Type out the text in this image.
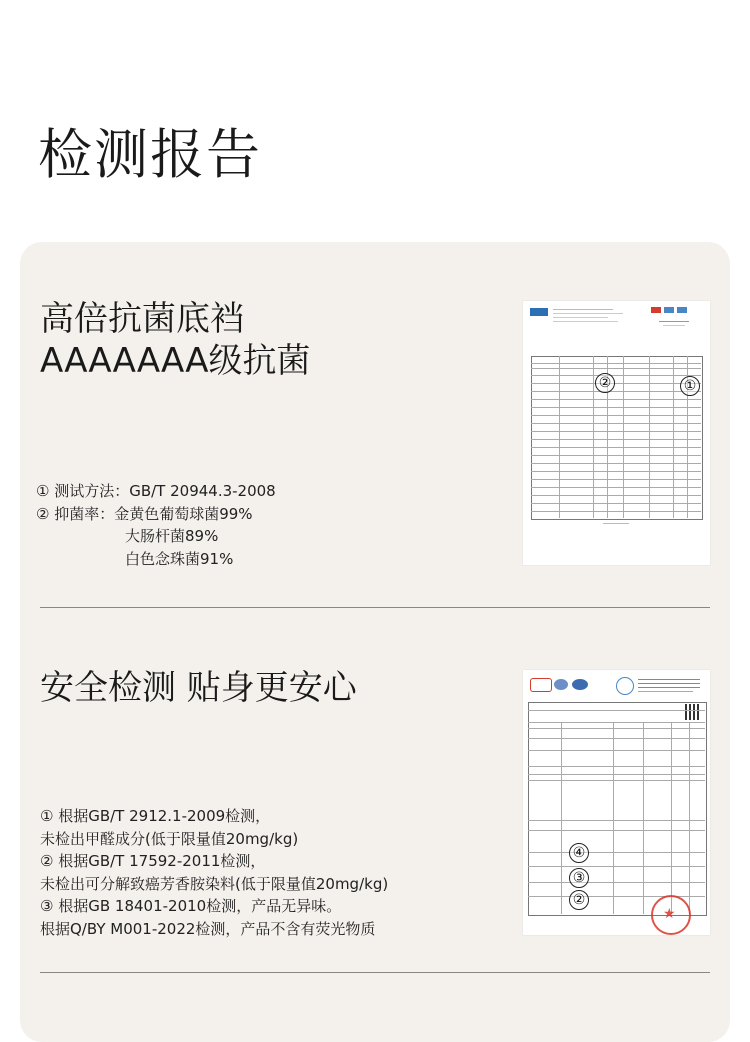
检测报告
高倍抗菌底裆
AAAAAAA级抗菌
① 测试方法：GB/T 20944.3-2008
② 抑菌率：金黄色葡萄球菌99%
大肠杆菌89%
白色念珠菌91%
②	①
安全检测 贴身更安心
① 根据GB/T 2912.1-2009检测，
未检出甲醛成分(低于限量值20mg/kg)
② 根据GB/T 17592-2011检测，
未检出可分解致癌芳香胺染料(低于限量值20mg/kg)
③ 根据GB 18401-2010检测，产品无异味。
根据Q/BY M001-2022检测，产品不含有荧光物质
★
④
③
②
